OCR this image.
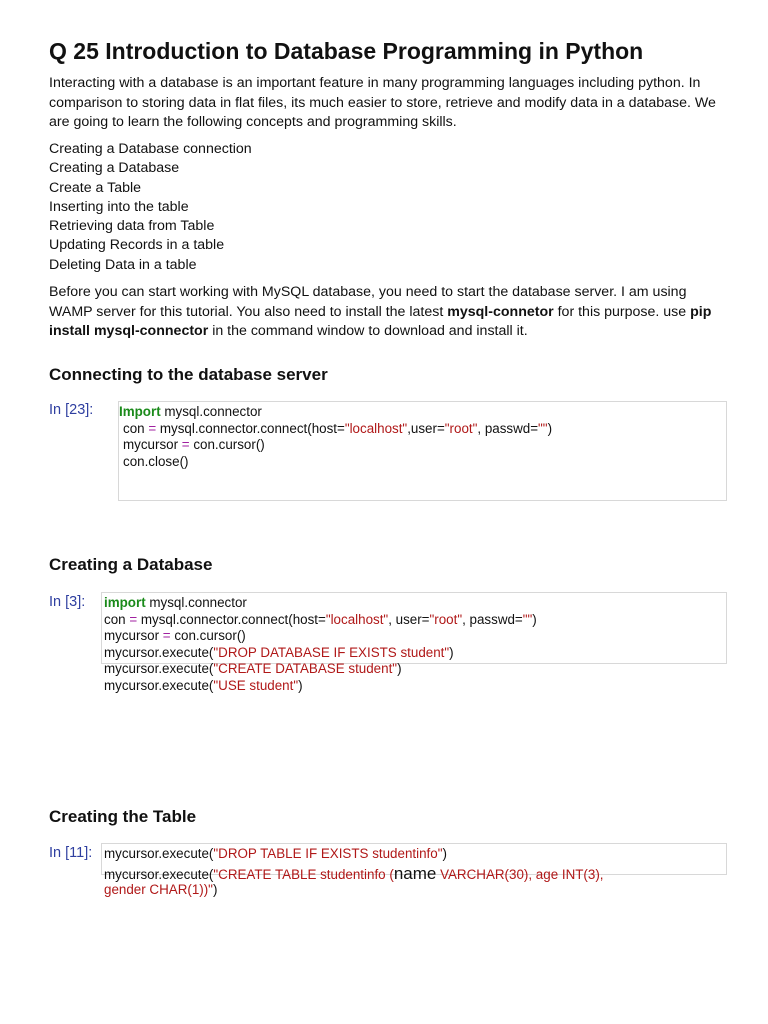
Q 25 Introduction to Database Programming in Python

Interacting with a database is an important feature in many programming languages including python. In comparison to storing data in flat files, its much easier to store, retrieve and modify data in a database. We are going to learn the following concepts and programming skills.

Creating a Database connection
Creating a Database
Create a Table
Inserting into the table
Retrieving data from Table
Updating Records in a table
Deleting Data in a table

Before you can start working with MySQL database, you need to start the database server. I am using WAMP server for this tutorial. You also need to install the latest mysql-connetor for this purpose. use pip install mysql-connector in the command window to download and install it.

Connecting to the database server
In [23]: Import mysql.connector
con = mysql.connector.connect(host="localhost",user="root", passwd="")
mycursor = con.cursor()
con.close()
Creating a Database
In [3]: import mysql.connector
con = mysql.connector.connect(host="localhost", user="root", passwd="")
mycursor = con.cursor()
mycursor.execute("DROP DATABASE IF EXISTS student")
mycursor.execute("CREATE DATABASE student")
mycursor.execute("USE student")
Creating the Table
In [11]: mycursor.execute("DROP TABLE IF EXISTS studentinfo")
mycursor.execute("CREATE TABLE studentinfo (name VARCHAR(30), age INT(3),
gender CHAR(1))")
